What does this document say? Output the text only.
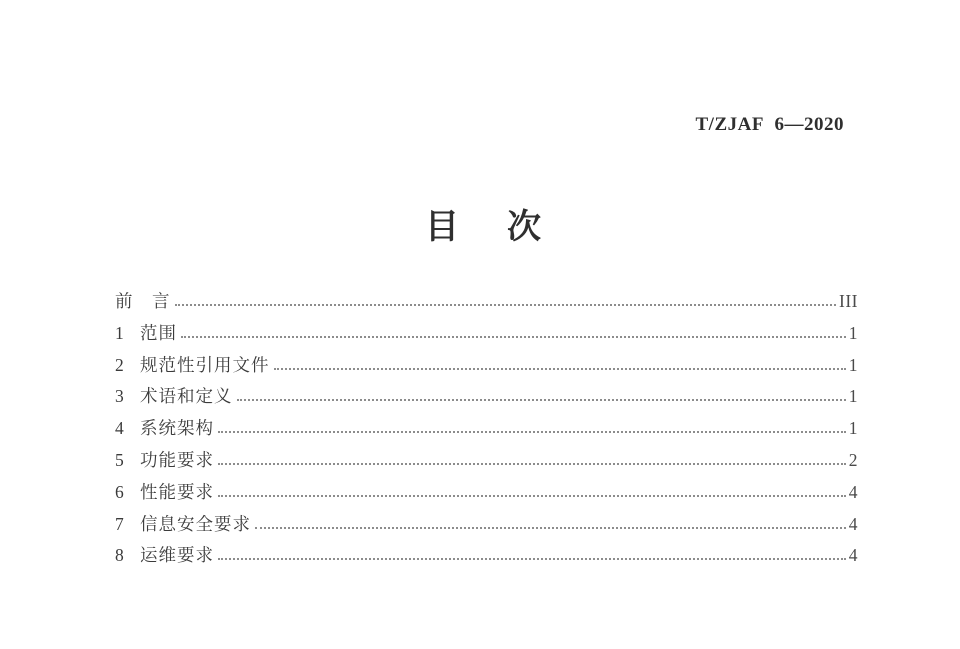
T/ZJAF 6—2020
目　次
前　言	III
1 范围	1
2 规范性引用文件	1
3 术语和定义	1
4 系统架构	1
5 功能要求	2
6 性能要求	4
7 信息安全要求	4
8 运维要求	4
